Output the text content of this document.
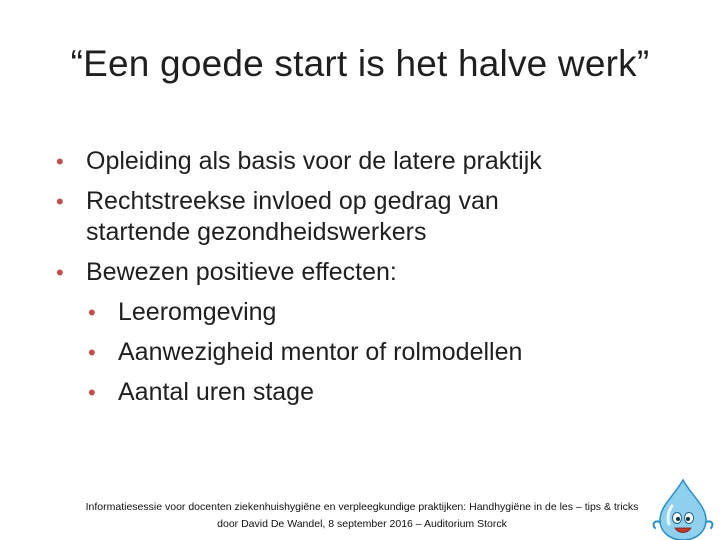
“Een goede start is het halve werk”
• Opleiding als basis voor de latere praktijk
• Rechtstreekse invloed op gedrag van
startende gezondheidswerkers
• Bewezen positieve effecten:
• Leeromgeving
• Aanwezigheid mentor of rolmodellen
• Aantal uren stage
Informatiesessie voor docenten ziekenhuishygiëne en verpleegkundige praktijken: Handhygiëne in de les – tips & tricks
door David De Wandel, 8 september 2016 – Auditorium Storck
